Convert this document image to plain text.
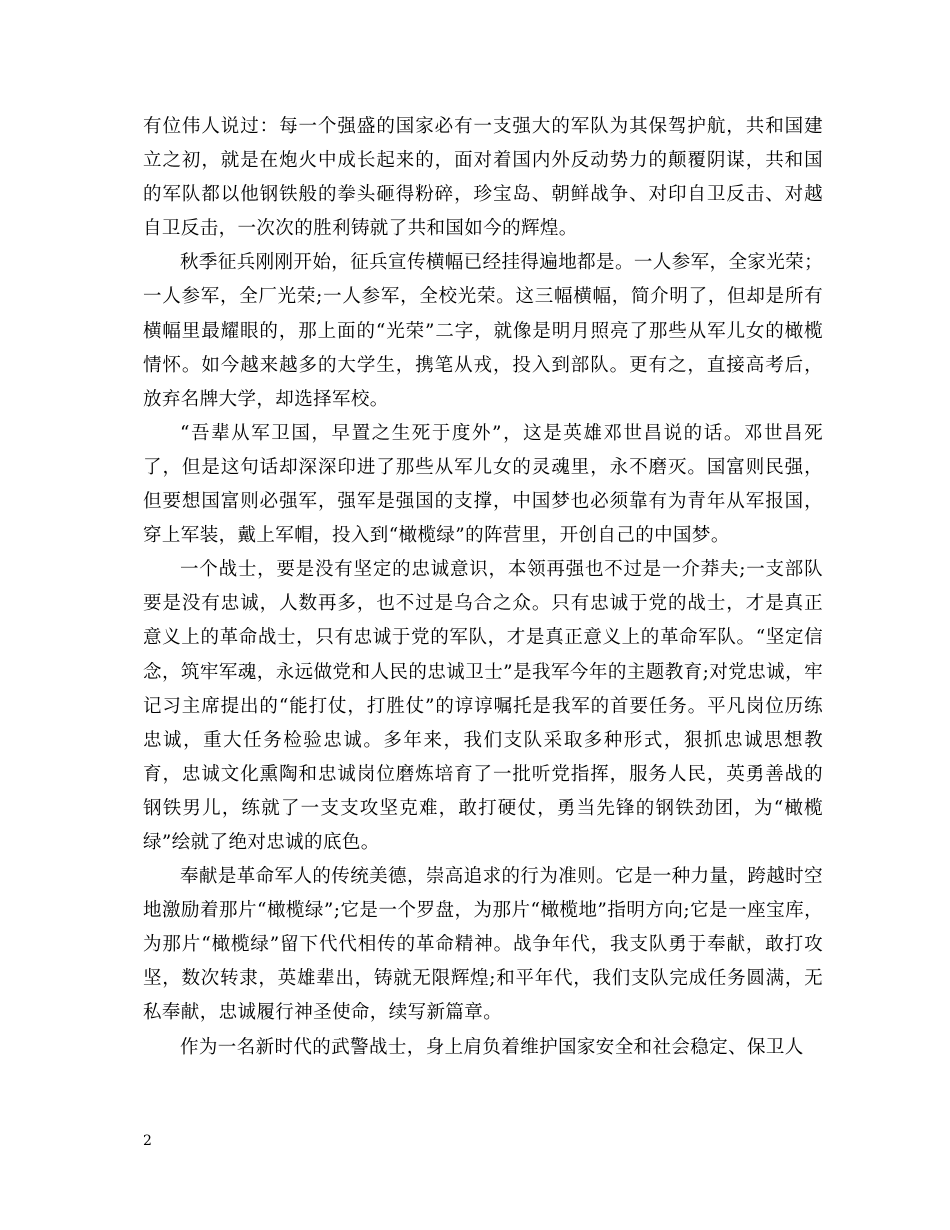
有位伟人说过：每一个强盛的国家必有一支强大的军队为其保驾护航，共和国建立之初，就是在炮火中成长起来的，面对着国内外反动势力的颠覆阴谋，共和国的军队都以他钢铁般的拳头砸得粉碎，珍宝岛、朝鲜战争、对印自卫反击、对越自卫反击，一次次的胜利铸就了共和国如今的辉煌。

秋季征兵刚刚开始，征兵宣传横幅已经挂得遍地都是。一人参军，全家光荣；一人参军，全厂光荣;一人参军，全校光荣。这三幅横幅，简介明了，但却是所有横幅里最耀眼的，那上面的“光荣”二字，就像是明月照亮了那些从军儿女的橄榄情怀。如今越来越多的大学生，携笔从戎，投入到部队。更有之，直接高考后，放弃名牌大学，却选择军校。

“吾辈从军卫国，早置之生死于度外”，这是英雄邓世昌说的话。邓世昌死了，但是这句话却深深印进了那些从军儿女的灵魂里，永不磨灭。国富则民强，但要想国富则必强军，强军是强国的支撑，中国梦也必须靠有为青年从军报国，穿上军装，戴上军帽，投入到“橄榄绿”的阵营里，开创自己的中国梦。

一个战士，要是没有坚定的忠诚意识，本领再强也不过是一介莽夫;一支部队要是没有忠诚，人数再多，也不过是乌合之众。只有忠诚于党的战士，才是真正意义上的革命战士，只有忠诚于党的军队，才是真正意义上的革命军队。“坚定信念，筑牢军魂，永远做党和人民的忠诚卫士”是我军今年的主题教育;对党忠诚，牢记习主席提出的“能打仗，打胜仗”的谆谆嘱托是我军的首要任务。平凡岗位历练忠诚，重大任务检验忠诚。多年来，我们支队采取多种形式，狠抓忠诚思想教育，忠诚文化熏陶和忠诚岗位磨炼培育了一批听党指挥，服务人民，英勇善战的钢铁男儿，练就了一支支攻坚克难，敢打硬仗，勇当先锋的钢铁劲团，为“橄榄绿”绘就了绝对忠诚的底色。

奉献是革命军人的传统美德，崇高追求的行为准则。它是一种力量，跨越时空地激励着那片“橄榄绿”;它是一个罗盘，为那片“橄榄地”指明方向;它是一座宝库，为那片“橄榄绿”留下代代相传的革命精神。战争年代，我支队勇于奉献，敢打攻坚，数次转隶，英雄辈出，铸就无限辉煌;和平年代，我们支队完成任务圆满，无私奉献，忠诚履行神圣使命，续写新篇章。

作为一名新时代的武警战士，身上肩负着维护国家安全和社会稳定、保卫人

2
